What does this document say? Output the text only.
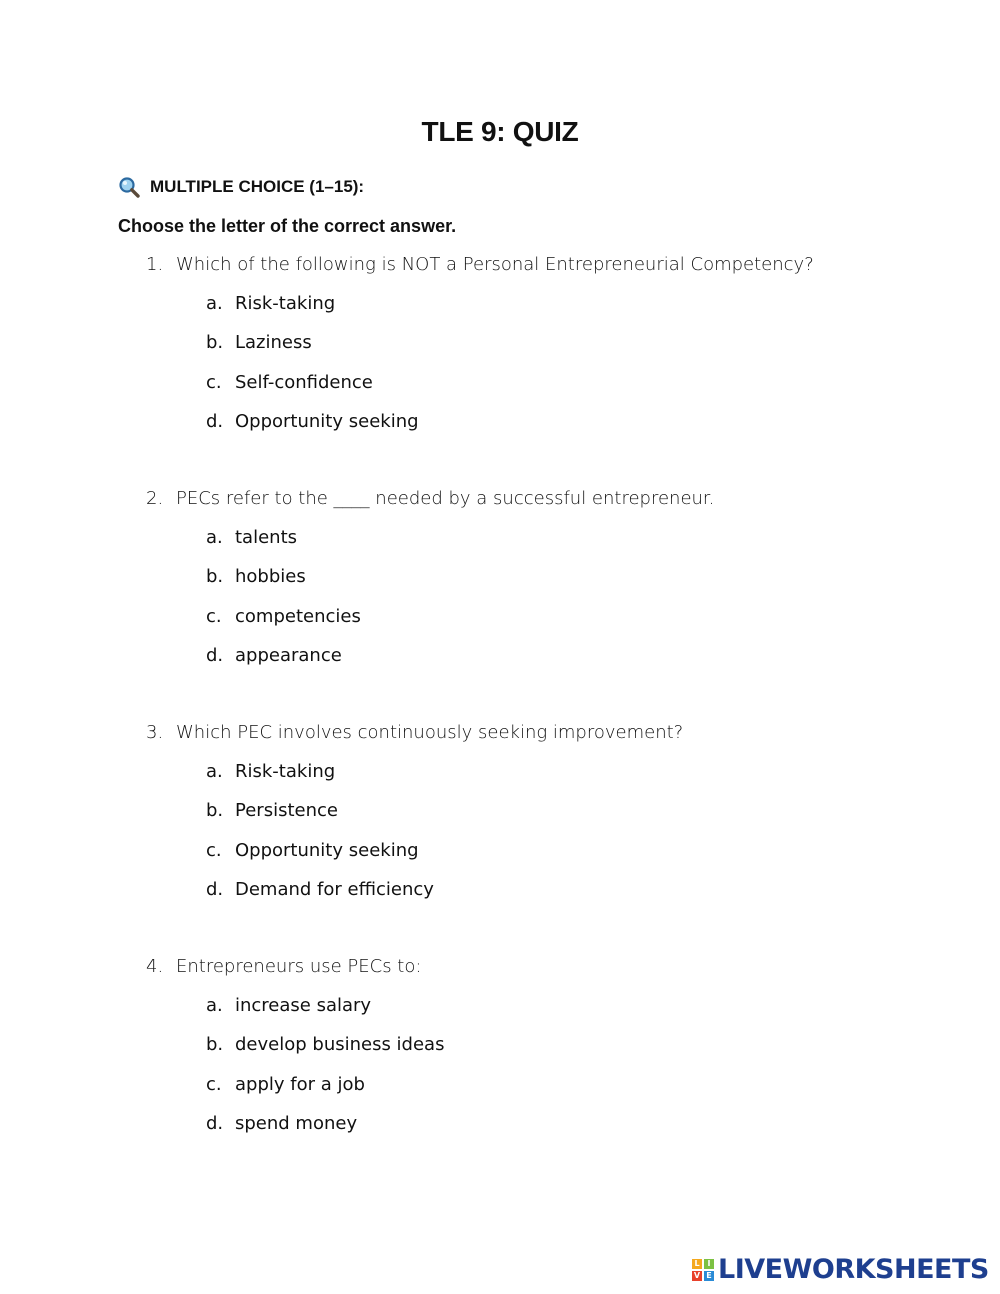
TLE 9: QUIZ
MULTIPLE CHOICE (1–15):
Choose the letter of the correct answer.
1. Which of the following is NOT a Personal Entrepreneurial Competency?
a. Risk-taking
b. Laziness
c. Self-confidence
d. Opportunity seeking
2. PECs refer to the ____ needed by a successful entrepreneur.
a. talents
b. hobbies
c. competencies
d. appearance
3. Which PEC involves continuously seeking improvement?
a. Risk-taking
b. Persistence
c. Opportunity seeking
d. Demand for efficiency
4. Entrepreneurs use PECs to:
a. increase salary
b. develop business ideas
c. apply for a job
d. spend money
L I
V E LIVEWORKSHEETS
